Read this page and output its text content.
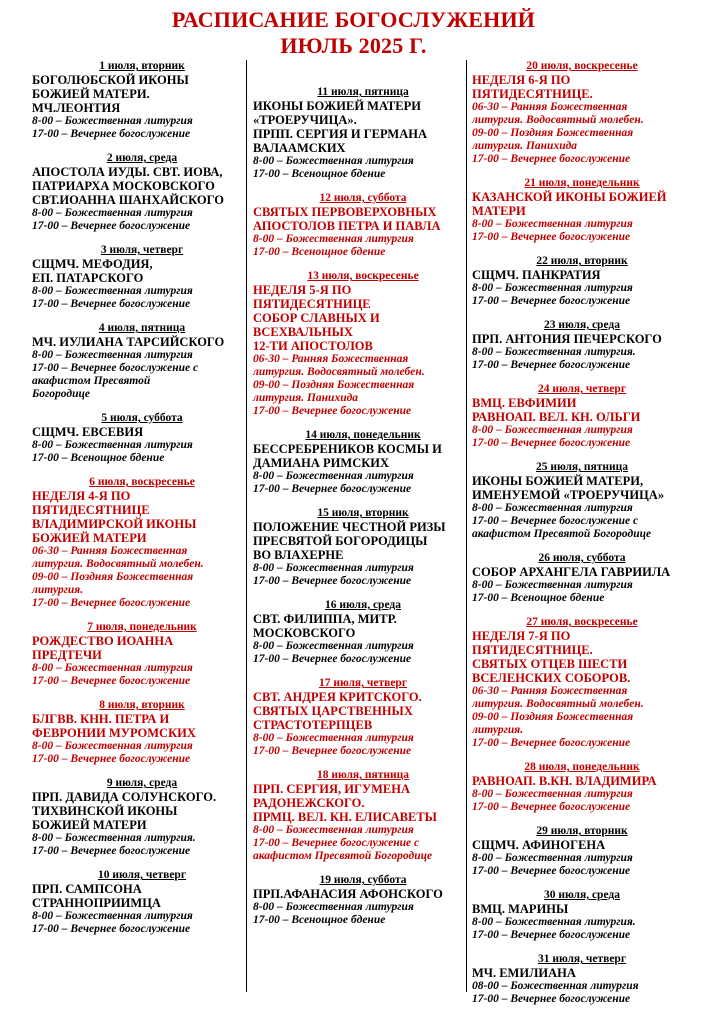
РАСПИСАНИЕ БОГОСЛУЖЕНИЙ
ИЮЛЬ 2025 Г.
1 июля, вторник
БОГОЛЮБСКОЙ ИКОНЫ
БОЖИЕЙ МАТЕРИ.
МЧ.ЛЕОНТИЯ
8-00 – Божественная литургия
17-00 – Вечернее богослужение
2 июля, среда
АПОСТОЛА ИУДЫ. СВТ. ИОВА,
ПАТРИАРХА МОСКОВСКОГО
СВТ.ИОАННА ШАНХАЙСКОГО
8-00 – Божественная литургия
17-00 – Вечернее богослужение
3 июля, четверг
СЩМЧ. МЕФОДИЯ,
ЕП. ПАТАРСКОГО
8-00 – Божественная литургия
17-00 – Вечернее богослужение
4 июля, пятница
МЧ. ИУЛИАНА ТАРСИЙСКОГО
8-00 – Божественная литургия
17-00 – Вечернее богослужение с
акафистом Пресвятой
Богородице
5 июля, суббота
СЩМЧ. ЕВСЕВИЯ
8-00 – Божественная литургия
17-00 – Всенощное бдение
6 июля, воскресенье
НЕДЕЛЯ 4-Я ПО
ПЯТИДЕСЯТНИЦЕ
ВЛАДИМИРСКОЙ ИКОНЫ
БОЖИЕЙ МАТЕРИ
06-30 – Ранняя Божественная
литургия. Водосвятный молебен.
09-00 – Поздняя Божественная
литургия.
17-00 – Вечернее богослужение
7 июля, понедельник
РОЖДЕСТВО ИОАННА
ПРЕДТЕЧИ
8-00 – Божественная литургия
17-00 – Вечернее богослужение
8 июля, вторник
БЛГВВ. КНН. ПЕТРА И
ФЕВРОНИИ МУРОМСКИХ
8-00 – Божественная литургия
17-00 – Вечернее богослужение
9 июля, среда
ПРП. ДАВИДА СОЛУНСКОГО.
ТИХВИНСКОЙ ИКОНЫ
БОЖИЕЙ МАТЕРИ
8-00 – Божественная литургия.
17-00 – Вечернее богослужение
10 июля, четверг
ПРП. САМПСОНА
СТРАННОПРИИМЦА
8-00 – Божественная литургия
17-00 – Вечернее богослужение
11 июля, пятница
ИКОНЫ БОЖИЕЙ МАТЕРИ
«ТРОЕРУЧИЦА».
ПРПП. СЕРГИЯ И ГЕРМАНА
ВАЛААМСКИХ
8-00 – Божественная литургия
17-00 – Всенощное бдение
12 июля, суббота
СВЯТЫХ ПЕРВОВЕРХОВНЫХ
АПОСТОЛОВ ПЕТРА И ПАВЛА
8-00 – Божественная литургия
17-00 – Всенощное бдение
13 июля, воскресенье
НЕДЕЛЯ 5-Я ПО
ПЯТИДЕСЯТНИЦЕ
СОБОР СЛАВНЫХ И
ВСЕХВАЛЬНЫХ
12-ТИ АПОСТОЛОВ
06-30 – Ранняя Божественная
литургия. Водосвятный молебен.
09-00 – Поздняя Божественная
литургия. Панихида
17-00 – Вечернее богослужение
14 июля, понедельник
БЕССРЕБРЕНИКОВ КОСМЫ И
ДАМИАНА РИМСКИХ
8-00 – Божественная литургия
17-00 – Вечернее богослужение
15 июля, вторник
ПОЛОЖЕНИЕ ЧЕСТНОЙ РИЗЫ
ПРЕСВЯТОЙ БОГОРОДИЦЫ
ВО ВЛАХЕРНЕ
8-00 – Божественная литургия
17-00 – Вечернее богослужение
16 июля, среда
СВТ. ФИЛИППА, МИТР.
МОСКОВСКОГО
8-00 – Божественная литургия
17-00 – Вечернее богослужение
17 июля, четверг
СВТ. АНДРЕЯ КРИТСКОГО.
СВЯТЫХ ЦАРСТВЕННЫХ
СТРАСТОТЕРПЦЕВ
8-00 – Божественная литургия
17-00 – Вечернее богослужение
18 июля, пятница
ПРП. СЕРГИЯ, ИГУМЕНА
РАДОНЕЖСКОГО.
ПРМЦ. ВЕЛ. КН. ЕЛИСАВЕТЫ
8-00 – Божественная литургия
17-00 – Вечернее богослужение с
акафистом Пресвятой Богородице
19 июля, суббота
ПРП.АФАНАСИЯ АФОНСКОГО
8-00 – Божественная литургия
17-00 – Всенощное бдение
20 июля, воскресенье
НЕДЕЛЯ 6-Я ПО
ПЯТИДЕСЯТНИЦЕ.
06-30 – Ранняя Божественная
литургия. Водосвятный молебен.
09-00 – Поздняя Божественная
литургия. Панихида
17-00 – Вечернее богослужение
21 июля, понедельник
КАЗАНСКОЙ ИКОНЫ БОЖИЕЙ
МАТЕРИ
8-00 – Божественная литургия
17-00 – Вечернее богослужение
22 июля, вторник
СЩМЧ. ПАНКРАТИЯ
8-00 – Божественная литургия
17-00 – Вечернее богослужение
23 июля, среда
ПРП. АНТОНИЯ ПЕЧЕРСКОГО
8-00 – Божественная литургия.
17-00 – Вечернее богослужение
24 июля, четверг
ВМЦ. ЕВФИМИИ
РАВНОАП. ВЕЛ. КН. ОЛЬГИ
8-00 – Божественная литургия
17-00 – Вечернее богослужение
25 июля, пятница
ИКОНЫ БОЖИЕЙ МАТЕРИ,
ИМЕНУЕМОЙ «ТРОЕРУЧИЦА»
8-00 – Божественная литургия
17-00 – Вечернее богослужение с
акафистом Пресвятой Богородице
26 июля, суббота
СОБОР АРХАНГЕЛА ГАВРИИЛА
8-00 – Божественная литургия
17-00 – Всенощное бдение
27 июля, воскресенье
НЕДЕЛЯ 7-Я ПО
ПЯТИДЕСЯТНИЦЕ.
СВЯТЫХ ОТЦЕВ ШЕСТИ
ВСЕЛЕНСКИХ СОБОРОВ.
06-30 – Ранняя Божественная
литургия. Водосвятный молебен.
09-00 – Поздняя Божественная
литургия.
17-00 – Вечернее богослужение
28 июля, понедельник
РАВНОАП. В.КН. ВЛАДИМИРА
8-00 – Божественная литургия
17-00 – Вечернее богослужение
29 июля, вторник
СЩМЧ. АФИНОГЕНА
8-00 – Божественная литургия
17-00 – Вечернее богослужение
30 июля, среда
ВМЦ. МАРИНЫ
8-00 – Божественная литургия.
17-00 – Вечернее богослужение
31 июля, четверг
МЧ. ЕМИЛИАНА
08-00 – Божественная литургия
17-00 – Вечернее богослужение
